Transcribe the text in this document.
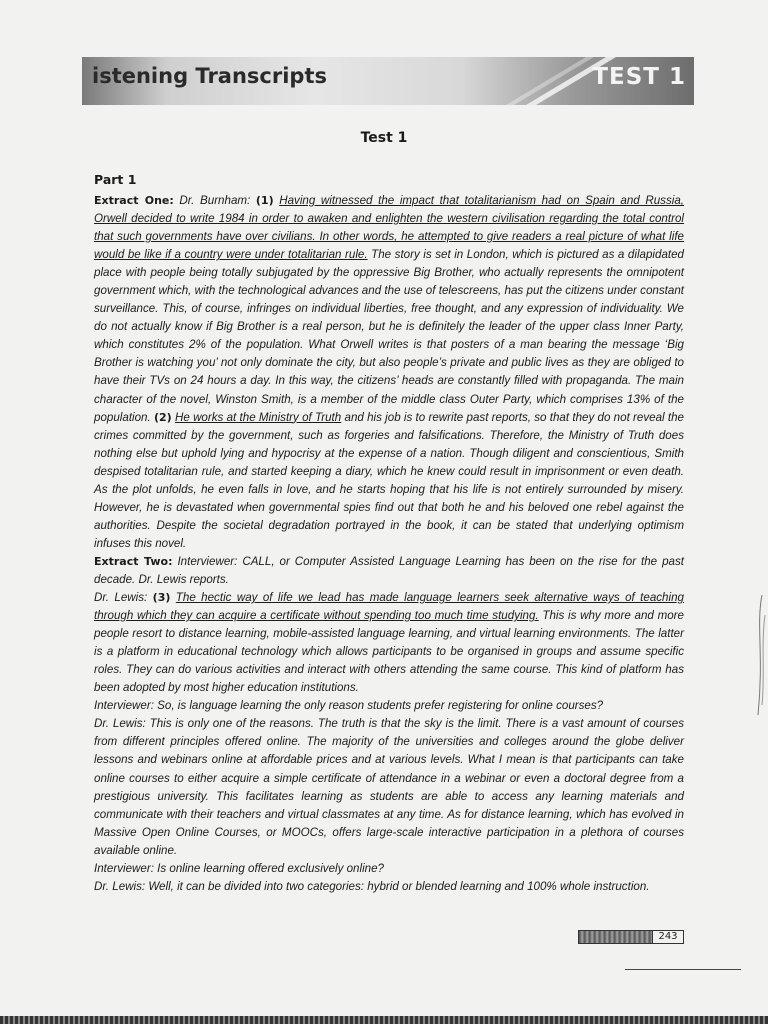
istening Transcripts	TEST 1
Test 1
Part 1

Extract One: Dr. Burnham: (1) Having witnessed the impact that totalitarianism had on Spain and Russia, Orwell decided to write 1984 in order to awaken and enlighten the western civilisation regarding the total control that such governments have over civilians. In other words, he attempted to give readers a real picture of what life would be like if a country were under totalitarian rule. The story is set in London, which is pictured as a dilapidated place with people being totally subjugated by the oppressive Big Brother, who actually represents the omnipotent government which, with the technological advances and the use of telescreens, has put the citizens under constant surveillance. This, of course, infringes on individual liberties, free thought, and any expression of individuality. We do not actually know if Big Brother is a real person, but he is definitely the leader of the upper class Inner Party, which constitutes 2% of the population. What Orwell writes is that posters of a man bearing the message ‘Big Brother is watching you’ not only dominate the city, but also people’s private and public lives as they are obliged to have their TVs on 24 hours a day. In this way, the citizens’ heads are constantly filled with propaganda. The main character of the novel, Winston Smith, is a member of the middle class Outer Party, which comprises 13% of the population. (2) He works at the Ministry of Truth and his job is to rewrite past reports, so that they do not reveal the crimes committed by the government, such as forgeries and falsifications. Therefore, the Ministry of Truth does nothing else but uphold lying and hypocrisy at the expense of a nation. Though diligent and conscientious, Smith despised totalitarian rule, and started keeping a diary, which he knew could result in imprisonment or even death. As the plot unfolds, he even falls in love, and he starts hoping that his life is not entirely surrounded by misery. However, he is devastated when governmental spies find out that both he and his beloved one rebel against the authorities. Despite the societal degradation portrayed in the book, it can be stated that underlying optimism infuses this novel.

Extract Two: Interviewer: CALL, or Computer Assisted Language Learning has been on the rise for the past decade. Dr. Lewis reports.

Dr. Lewis: (3) The hectic way of life we lead has made language learners seek alternative ways of teaching through which they can acquire a certificate without spending too much time studying. This is why more and more people resort to distance learning, mobile-assisted language learning, and virtual learning environments. The latter is a platform in educational technology which allows participants to be organised in groups and assume specific roles. They can do various activities and interact with others attending the same course. This kind of platform has been adopted by most higher education institutions.

Interviewer: So, is language learning the only reason students prefer registering for online courses?

Dr. Lewis: This is only one of the reasons. The truth is that the sky is the limit. There is a vast amount of courses from different principles offered online. The majority of the universities and colleges around the globe deliver lessons and webinars online at affordable prices and at various levels. What I mean is that participants can take online courses to either acquire a simple certificate of attendance in a webinar or even a doctoral degree from a prestigious university. This facilitates learning as students are able to access any learning materials and communicate with their teachers and virtual classmates at any time. As for distance learning, which has evolved in Massive Open Online Courses, or MOOCs, offers large-scale interactive participation in a plethora of courses available online.

Interviewer: Is online learning offered exclusively online?

Dr. Lewis: Well, it can be divided into two categories: hybrid or blended learning and 100% whole instruction.

243
